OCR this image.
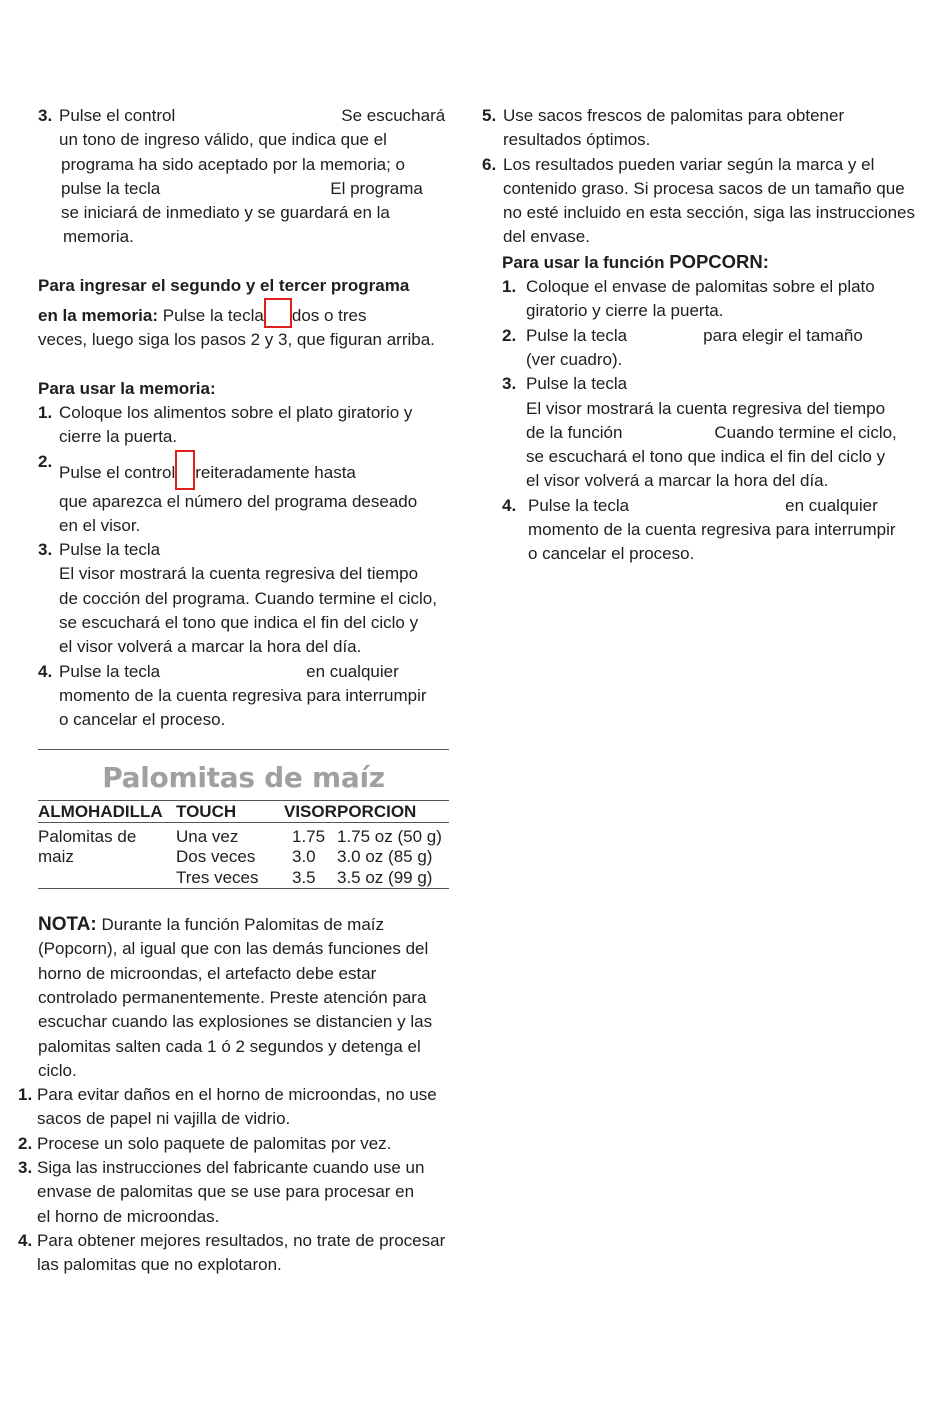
3. Pulse el control	Se escuchará
un tono de ingreso válido, que indica que el
programa ha sido aceptado por la memoria; o
pulse la tecla	El programa
se iniciará de inmediato y se guardará en la
memoria.
Para ingresar el segundo y el tercer programa
en la memoria: Pulse la tecla dos o tres
veces, luego siga los pasos 2 y 3, que figuran arriba.
Para usar la memoria:
1. Coloque los alimentos sobre el plato giratorio y
cierre la puerta.
2.
Pulse el control reiteradamente hasta
que aparezca el número del programa deseado
en el visor.
3. Pulse la tecla
El visor mostrará la cuenta regresiva del tiempo
de cocción del programa. Cuando termine el ciclo,
se escuchará el tono que indica el fin del ciclo y
el visor volverá a marcar la hora del día.
4. Pulse la tecla	en cualquier
momento de la cuenta regresiva para interrumpir
o cancelar el proceso.
Palomitas de maíz
ALMOHADILLA	TOUCH	VISOR	PORCION
Palomitas de	Una vez	1.75	1.75 oz (50 g)
maiz	Dos veces	3.0	3.0 oz (85 g)
	Tres veces	3.5	3.5 oz (99 g)
NOTA: Durante la función Palomitas de maíz
(Popcorn), al igual que con las demás funciones del
horno de microondas, el artefacto debe estar
controlado permanentemente. Preste atención para
escuchar cuando las explosiones se distancien y las
palomitas salten cada 1 ó 2 segundos y detenga el
ciclo.
1. Para evitar daños en el horno de microondas, no use
sacos de papel ni vajilla de vidrio.
2. Procese un solo paquete de palomitas por vez.
3. Siga las instrucciones del fabricante cuando use un
envase de palomitas que se use para procesar en
el horno de microondas.
4. Para obtener mejores resultados, no trate de procesar
las palomitas que no explotaron.
5. Use sacos frescos de palomitas para obtener
resultados óptimos.
6. Los resultados pueden variar según la marca y el
contenido graso. Si procesa sacos de un tamaño que
no esté incluido en esta sección, siga las instrucciones
del envase.
Para usar la función POPCORN:
1. Coloque el envase de palomitas sobre el plato
giratorio y cierre la puerta.
2. Pulse la tecla	para elegir el tamaño
(ver cuadro).
3. Pulse la tecla
El visor mostrará la cuenta regresiva del tiempo
de la función	Cuando termine el ciclo,
se escuchará el tono que indica el fin del ciclo y
el visor volverá a marcar la hora del día.
4. Pulse la tecla	en cualquier
momento de la cuenta regresiva para interrumpir
o cancelar el proceso.
